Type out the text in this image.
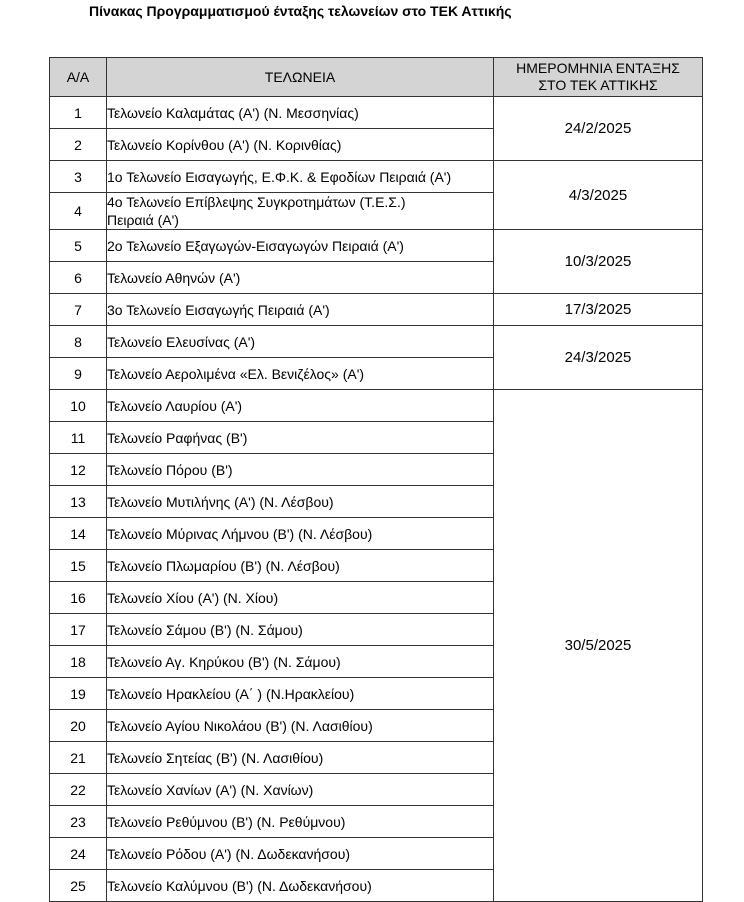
Πίνακας Προγραμματισμού ένταξης τελωνείων στο ΤΕΚ Αττικής
Α/Α	ΤΕΛΩΝΕΙΑ	ΗΜΕΡΟΜΗΝΙΑ ΕΝΤΑΞΗΣ ΣΤΟ ΤΕΚ ΑΤΤΙΚΗΣ
1	Τελωνείο Καλαμάτας (Α') (Ν. Μεσσηνίας)	24/2/2025
2	Τελωνείο Κορίνθου (Α') (Ν. Κορινθίας)	
3	1ο Τελωνείο Εισαγωγής, Ε.Φ.Κ. & Εφοδίων Πειραιά (Α')	4/3/2025
4	4ο Τελωνείο Επίβλεψης Συγκροτημάτων (Τ.Ε.Σ.) Πειραιά (Α')	
5	2ο Τελωνείο Εξαγωγών-Εισαγωγών Πειραιά (Α')	10/3/2025
6	Τελωνείο Αθηνών (Α')	
7	3ο Τελωνείο Εισαγωγής Πειραιά (Α')	17/3/2025
8	Τελωνείο Ελευσίνας (Α')	24/3/2025
9	Τελωνείο Αερολιμένα «Ελ. Βενιζέλος» (Α')	
10	Τελωνείο Λαυρίου (Α')	30/5/2025
11	Τελωνείο Ραφήνας (Β')	
12	Τελωνείο Πόρου (Β')	
13	Τελωνείο Μυτιλήνης (Α') (Ν. Λέσβου)	
14	Τελωνείο Μύρινας Λήμνου (Β') (Ν. Λέσβου)	
15	Τελωνείο Πλωμαρίου (Β') (Ν. Λέσβου)	
16	Τελωνείο Χίου (Α') (Ν. Χίου)	
17	Τελωνείο Σάμου (Β') (Ν. Σάμου)	
18	Τελωνείο Αγ. Κηρύκου (Β') (Ν. Σάμου)	
19	Τελωνείο Ηρακλείου (Α΄ ) (Ν.Ηρακλείου)	
20	Τελωνείο Αγίου Νικολάου (Β') (Ν. Λασιθίου)	
21	Τελωνείο Σητείας (Β') (Ν. Λασιθίου)	
22	Τελωνείο Χανίων (Α') (Ν. Χανίων)	
23	Τελωνείο Ρεθύμνου (Β') (Ν. Ρεθύμνου)	
24	Τελωνείο Ρόδου (Α') (Ν. Δωδεκανήσου)	
25	Τελωνείο Καλύμνου (Β') (Ν. Δωδεκανήσου)	
